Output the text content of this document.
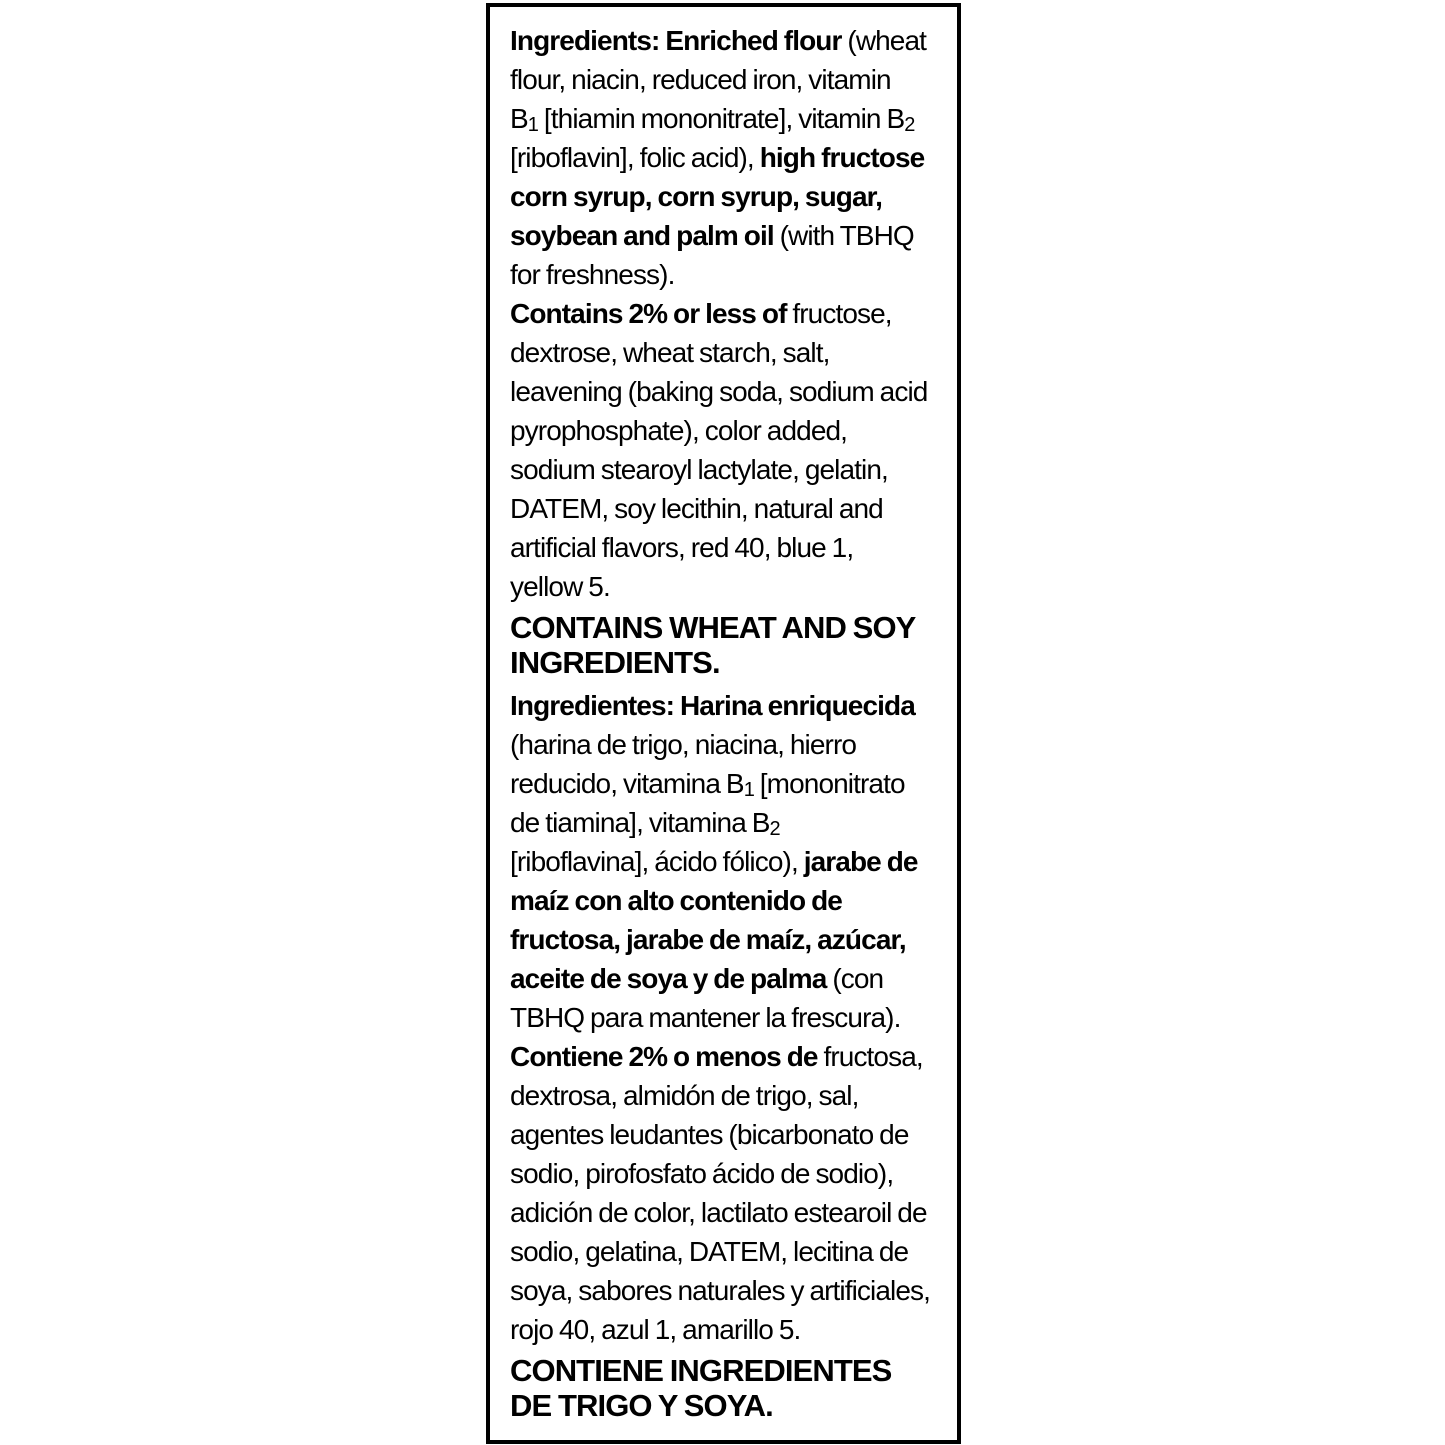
Ingredients: Enriched flour (wheat
flour, niacin, reduced iron, vitamin
$B_1$ [thiamin mononitrate], vitamin $B_2$
[riboflavin], folic acid), high fructose
corn syrup, corn syrup, sugar,
soybean and palm oil (with TBHQ
for freshness).
Contains 2% or less of fructose,
dextrose, wheat starch, salt,
leavening (baking soda, sodium acid
pyrophosphate), color added,
sodium stearoyl lactylate, gelatin,
DATEM, soy lecithin, natural and
artificial flavors, red 40, blue 1,
yellow 5.
CONTAINS WHEAT AND SOY
INGREDIENTS.
Ingredientes: Harina enriquecida
(harina de trigo, niacina, hierro
reducido, vitamina $B_1$ [mononitrato
de tiamina], vitamina $B_2$
[riboflavina], ácido fólico), jarabe de
maíz con alto contenido de
fructosa, jarabe de maíz, azúcar,
aceite de soya y de palma (con
TBHQ para mantener la frescura).
Contiene 2% o menos de fructosa,
dextrosa, almidón de trigo, sal,
agentes leudantes (bicarbonato de
sodio, pirofosfato ácido de sodio),
adición de color, lactilato estearoil de
sodio, gelatina, DATEM, lecitina de
soya, sabores naturales y artificiales,
rojo 40, azul 1, amarillo 5.
CONTIENE INGREDIENTES
DE TRIGO Y SOYA.
